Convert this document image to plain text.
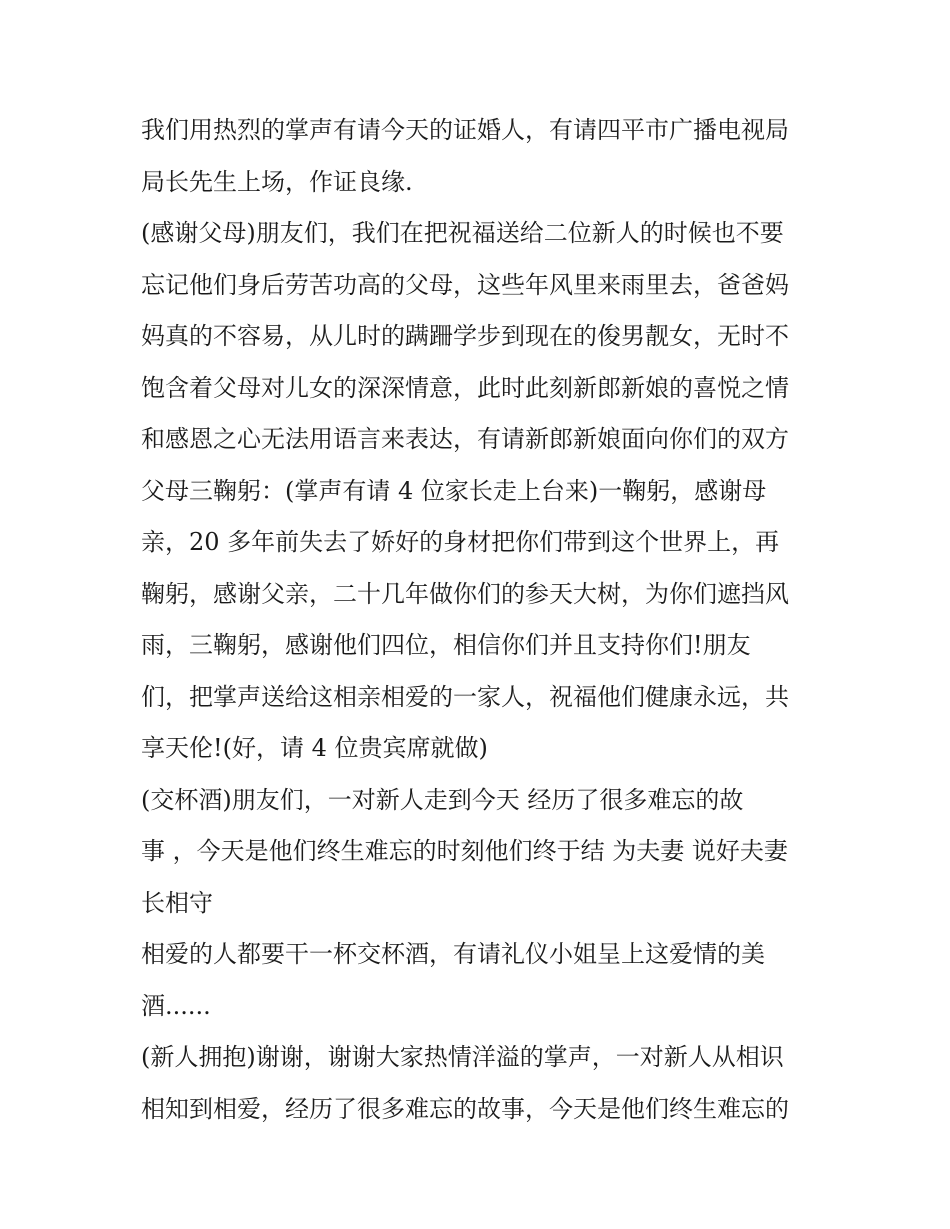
我们用热烈的掌声有请今天的证婚人，有请四平市广播电视局
局长先生上场，作证良缘.
(感谢父母)朋友们，我们在把祝福送给二位新人的时候也不要
忘记他们身后劳苦功高的父母，这些年风里来雨里去，爸爸妈
妈真的不容易，从儿时的蹒跚学步到现在的俊男靓女，无时不
饱含着父母对儿女的深深情意，此时此刻新郎新娘的喜悦之情
和感恩之心无法用语言来表达，有请新郎新娘面向你们的双方
父母三鞠躬：(掌声有请 4 位家长走上台来)一鞠躬，感谢母
亲，20 多年前失去了娇好的身材把你们带到这个世界上，再
鞠躬，感谢父亲，二十几年做你们的参天大树，为你们遮挡风
雨，三鞠躬，感谢他们四位，相信你们并且支持你们!朋友
们，把掌声送给这相亲相爱的一家人，祝福他们健康永远，共
享天伦!(好，请 4 位贵宾席就做)
(交杯酒)朋友们，一对新人走到今天 经历了很多难忘的故
事 ，今天是他们终生难忘的时刻他们终于结 为夫妻 说好夫妻
长相守
相爱的人都要干一杯交杯酒，有请礼仪小姐呈上这爱情的美
酒......
(新人拥抱)谢谢，谢谢大家热情洋溢的掌声，一对新人从相识
相知到相爱，经历了很多难忘的故事，今天是他们终生难忘的
